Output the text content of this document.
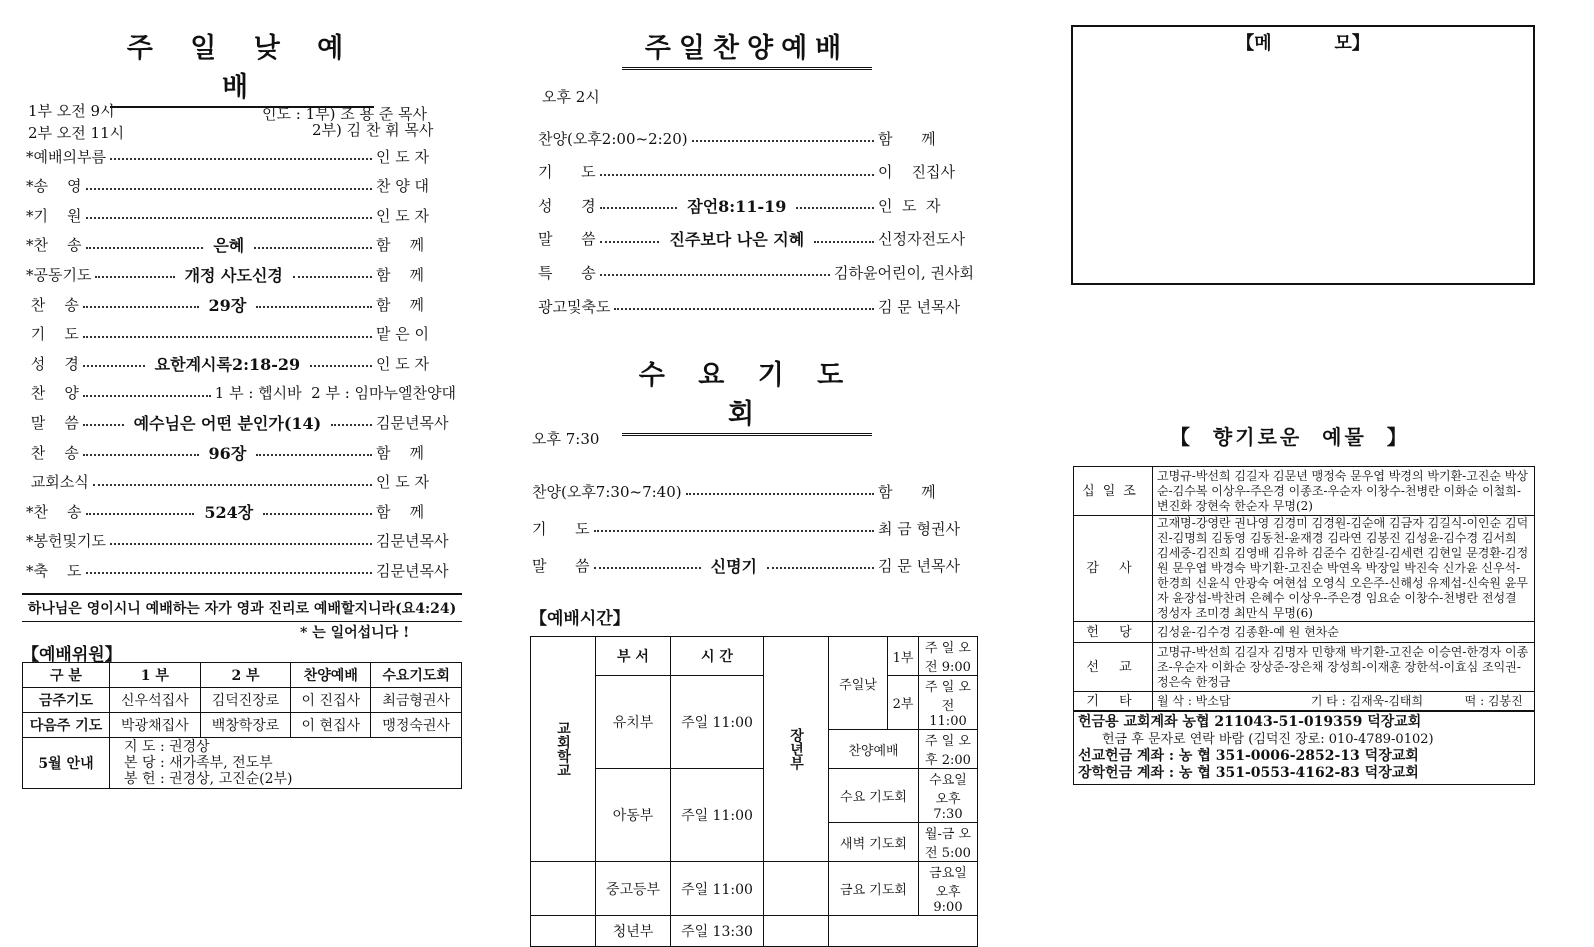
주 일 낮 예 배
1부 오전 9시
2부 오전 11시
인도 : 1부) 조 용 준 목사
2부) 김 찬 휘 목사
*예배의부름	인 도 자
*송    영	찬 양 대
*기    원	인 도 자
*찬    송	은혜	함    께
*공동기도	개정 사도신경	함    께
찬    송	29장	함    께
기    도	맡 은 이
성    경	요한계시록2:18-29	인 도 자
찬    양	1 부 : 헵시바  2 부 : 임마누엘찬양대
말    씀	예수님은 어떤 분인가(14)	김문년목사
찬    송	96장	함    께
교회소식	인 도 자
*찬    송	524장	함    께
*봉헌및기도	김문년목사
*축    도	김문년목사
하나님은 영이시니 예배하는 자가 영과 진리로 예배할지니라(요4:24)
* 는 일어섭니다 !
【예배위원】
구 분	1 부	2 부	찬양예배	수요기도회
금주기도	신우석집사	김덕진장로	이 진집사	최금형권사
다음주 기도	박광채집사	백창학장로	이 현집사	맹정숙권사
5월 안내	지 도 : 권경상
본 당 : 새가족부, 전도부
봉 헌 : 권경상, 고진순(2부)			
주일찬양예배
오후 2시
찬양(오후2:00~2:20)	함      께
기      도	이    진집사
성      경	잠언8:11-19	인  도  자
말      씀	진주보다 나은 지혜	신정자전도사
특      송	김하윤어린이, 권사회
광고및축도	김 문 년목사
수 요 기 도 회
오후 7:30
찬양(오후7:30~7:40)	함      께
기      도	최 금 형권사
말      씀	신명기	김 문 년목사
【예배시간】
교회학교	부 서	시 간	장년부	주일낮	1부	주 일 오전 9:00
	유치부	주일 11:00			2부	주 일 오전 11:00
				찬양예배		주 일 오후 2:00
	아동부	주일 11:00		수요 기도회		수요일 오후 7:30
				새벽 기도회		월-금 오전 5:00
	중고등부	주일 11:00		금요 기도회		금요일 오후 9:00
	청년부	주일 13:30				
【메          모】
【  향기로운  예물  】
십일조	고명규-박선희 김길자 김문년 맹정숙 문우엽 박경의 박기환-고진순 박상순-김수복 이상우-주은경 이종조-우순자 이창수-천병란 이화순 이철희-변진화 장현숙 한순자 무명(2)
감 사	고재명-강영란 권나영 김경미 김경원-김순애 김금자 김길식-이인순 김덕진-김명희 김동영 김동천-윤재경 김라연 김봉진 김성윤-김수경 김서희 김세중-김진희 김영배 김유하 김준수 김한길-김세련 김현일 문경환-김정원 문우엽 박경숙 박기환-고진순 박연옥 박장일 박진숙 신가윤 신우석-한경희 신윤식 안광숙 여현섭 오영식 오은주-신해성 유제섭-신숙원 윤무자 윤장섭-박찬려 은혜수 이상우-주은경 임요순 이창수-천병란 전성결 정성자 조미경 최만식 무명(6)
헌 당	김성윤-김수경 김종환-예 원 현차순
선 교	고명규-박선희 김길자 김명자 민향재 박기환-고진순 이승연-한경자 이종조-우순자 이화순 장상준-장은채 장성희-이재훈 장한석-이효심 조익권-정은숙 한정금
기 타	월 삭 : 박소담 기 타 : 김재욱-김태희 떡 : 김봉진

헌금용 교회계좌 농협 211043-51-019359 덕장교회
헌금 후 문자로 연락 바람 (김덕진 장로: 010-4789-0102)
선교헌금 계좌 : 농 협 351-0006-2852-13 덕장교회
장학헌금 계좌 : 농 협 351-0553-4162-83 덕장교회	
